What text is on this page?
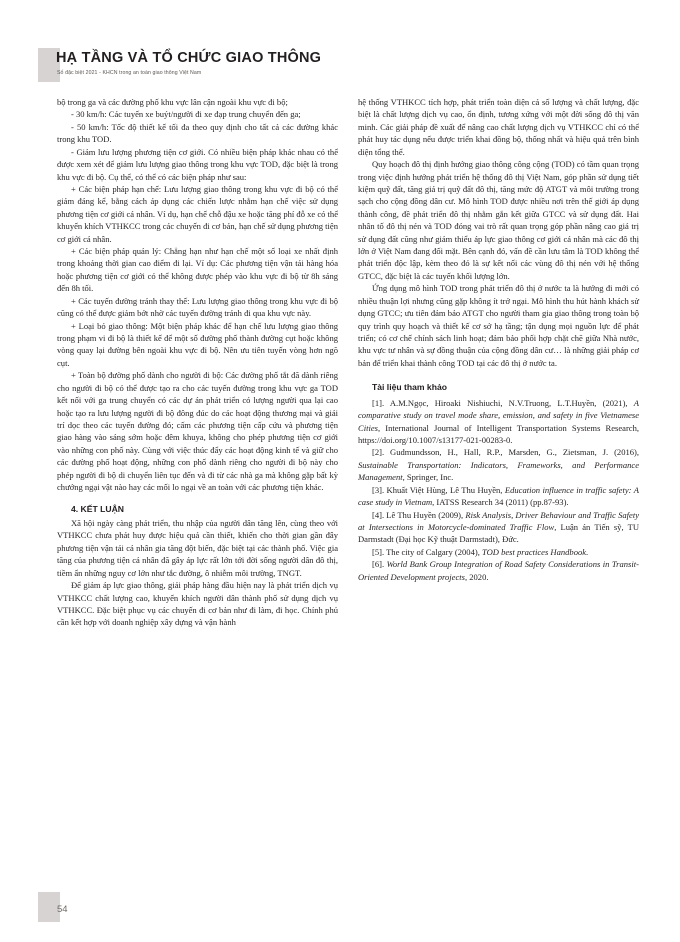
HẠ TẦNG VÀ TỔ CHỨC GIAO THÔNG
Số đặc biệt 2021 - KHCN trong an toàn giao thông Việt Nam

bộ trong ga và các đường phố khu vực lân cận ngoài khu vực đi bộ;

- 30 km/h: Các tuyến xe buýt/người đi xe đạp trung chuyển đến ga;

- 50 km/h: Tốc độ thiết kế tối đa theo quy định cho tất cả các đường khác trong khu TOD.

- Giảm lưu lượng phương tiện cơ giới. Có nhiều biện pháp khác nhau có thể được xem xét để giảm lưu lượng giao thông trong khu vực TOD, đặc biệt là trong khu vực đi bộ. Cụ thể, có thể có các biện pháp như sau:

+ Các biện pháp hạn chế: Lưu lượng giao thông trong khu vực đi bộ có thể giảm đáng kể, bằng cách áp dụng các chiến lược nhằm hạn chế việc sử dụng phương tiện cơ giới cá nhân. Ví dụ, hạn chế chỗ đậu xe hoặc tăng phí đỗ xe có thể khuyến khích VTHKCC trong các chuyến đi cơ bản, hạn chế sử dụng phương tiện cơ giới cá nhân.

+ Các biện pháp quản lý: Chẳng hạn như hạn chế một số loại xe nhất định trong khoảng thời gian cao điểm đi lại. Ví dụ: Các phương tiện vận tải hàng hóa hoặc phương tiện cơ giới có thể không được phép vào khu vực đi bộ từ 8h sáng đến 8h tối.

+ Các tuyến đường tránh thay thế: Lưu lượng giao thông trong khu vực đi bộ cũng có thể được giảm bớt nhờ các tuyến đường tránh đi qua khu vực này.

+ Loại bỏ giao thông: Một biện pháp khác để hạn chế lưu lượng giao thông trong phạm vi đi bộ là thiết kế để một số đường phố thành đường cụt hoặc không vòng quay lại đường bên ngoài khu vực đi bộ. Nên ưu tiên tuyến vòng hơn ngõ cụt.

+ Toàn bộ đường phố dành cho người đi bộ: Các đường phố tắt đã dành riêng cho người đi bộ có thể được tạo ra cho các tuyến đường trong khu vực ga TOD kết nối với ga trung chuyển có các dự án phát triển có lượng người qua lại cao hoặc tạo ra lưu lượng người đi bộ đông đúc do các hoạt động thương mại và giải trí dọc theo các tuyến đường đó; cấm các phương tiện cấp cứu và phương tiện giao hàng vào sáng sớm hoặc đêm khuya, không cho phép phương tiện cơ giới vào những con phố này. Cùng với việc thúc đẩy các hoạt động kinh tế và giữ cho các đường phố hoạt động, những con phố dành riêng cho người đi bộ này cho phép người đi bộ di chuyển liên tục đến và đi từ các nhà ga mà không gặp bất kỳ chướng ngại vật nào hay các mối lo ngại về an toàn với các phương tiện khác.

4. KẾT LUẬN

Xã hội ngày càng phát triển, thu nhập của người dân tăng lên, cùng theo với VTHKCC chưa phát huy được hiệu quả cần thiết, khiến cho thời gian gần đây phương tiện vận tải cá nhân gia tăng đột biến, đặc biệt tại các thành phố. Việc gia tăng của phương tiện cá nhân đã gây áp lực rất lớn tới đời sống người dân đô thị, tiềm ẩn những nguy cơ lớn như tắc đường, ô nhiễm môi trường, TNGT.

Để giảm áp lực giao thông, giải pháp hàng đầu hiện nay là phát triển dịch vụ VTHKCC chất lượng cao, khuyến khích người dân thành phố sử dụng dịch vụ VTHKCC. Đặc biệt phục vụ các chuyến đi cơ bản như đi làm, đi học. Chính phủ cần kết hợp với doanh nghiệp xây dựng và vận hành

hệ thống VTHKCC tích hợp, phát triển toàn diện cả số lượng và chất lượng, đặc biệt là chất lượng dịch vụ cao, ổn định, tương xứng với một đời sống đô thị văn minh. Các giải pháp đề xuất để nâng cao chất lượng dịch vụ VTHKCC chỉ có thể phát huy tác dụng nếu được triển khai đồng bộ, thống nhất và hiệu quả trên bình diện tổng thể.

Quy hoạch đô thị định hướng giao thông công cộng (TOD) có tầm quan trọng trong việc định hướng phát triển hệ thống đô thị Việt Nam, góp phần sử dụng tiết kiệm quỹ đất, tăng giá trị quỹ đất đô thị, tăng mức độ ATGT và môi trường trong sạch cho cộng đồng dân cư. Mô hình TOD được nhiều nơi trên thế giới áp dụng thành công, đề phát triển đô thị nhằm gắn kết giữa GTCC và sử dụng đất. Hai nhân tố đô thị nén và TOD đóng vai trò rất quan trọng góp phần nâng cao giá trị sử dụng đất cũng như giảm thiểu áp lực giao thông cơ giới cá nhân mà các đô thị lớn ở Việt Nam đang đối mặt. Bên cạnh đó, vấn đề cần lưu tâm là TOD không thể phát triển độc lập, kèm theo đó là sự kết nối các vùng đô thị nén với hệ thống GTCC, đặc biệt là các tuyến khối lượng lớn.

Ứng dụng mô hình TOD trong phát triển đô thị ở nước ta là hướng đi mới có nhiều thuận lợi nhưng cũng gặp không ít trở ngại. Mô hình thu hút hành khách sử dụng GTCC; ưu tiên đảm bảo ATGT cho người tham gia giao thông trong toàn bộ quy trình quy hoạch và thiết kế cơ sở hạ tầng; tận dụng mọi nguồn lực để phát triển; có cơ chế chính sách linh hoạt; đảm bảo phối hợp chặt chẽ giữa Nhà nước, khu vực tư nhân và sự đồng thuận của cộng đồng dân cư… là những giải pháp cơ bản để triển khai thành công TOD tại các đô thị ở nước ta.

Tài liệu tham khảo

[1]. A.M.Ngọc, Hiroaki Nishiuchi, N.V.Truong, L.T.Huyền, (2021), A comparative study on travel mode share, emission, and safety in five Vietnamese Cities, International Journal of Intelligent Transportation Systems Research, https://doi.org/10.1007/s13177-021-00283-0.

[2]. Gudmundsson, H., Hall, R.P., Marsden, G., Zietsman, J. (2016), Sustainable Transportation: Indicators, Frameworks, and Performance Management, Springer, Inc.

[3]. Khuất Việt Hùng, Lê Thu Huyền, Education influence in traffic safety: A case study in Vietnam, IATSS Research 34 (2011) (pp.87-93).

[4]. Lê Thu Huyền (2009), Risk Analysis, Driver Behaviour and Traffic Safety at Intersections in Motorcycle-dominated Traffic Flow, Luận án Tiến sỹ, TU Darmstadt (Đại học Kỹ thuật Darmstadt), Đức.

[5]. The city of Calgary (2004), TOD best practices Handbook.

[6]. World Bank Group Integration of Road Safety Considerations in Transit-Oriented Development projects, 2020.

54
